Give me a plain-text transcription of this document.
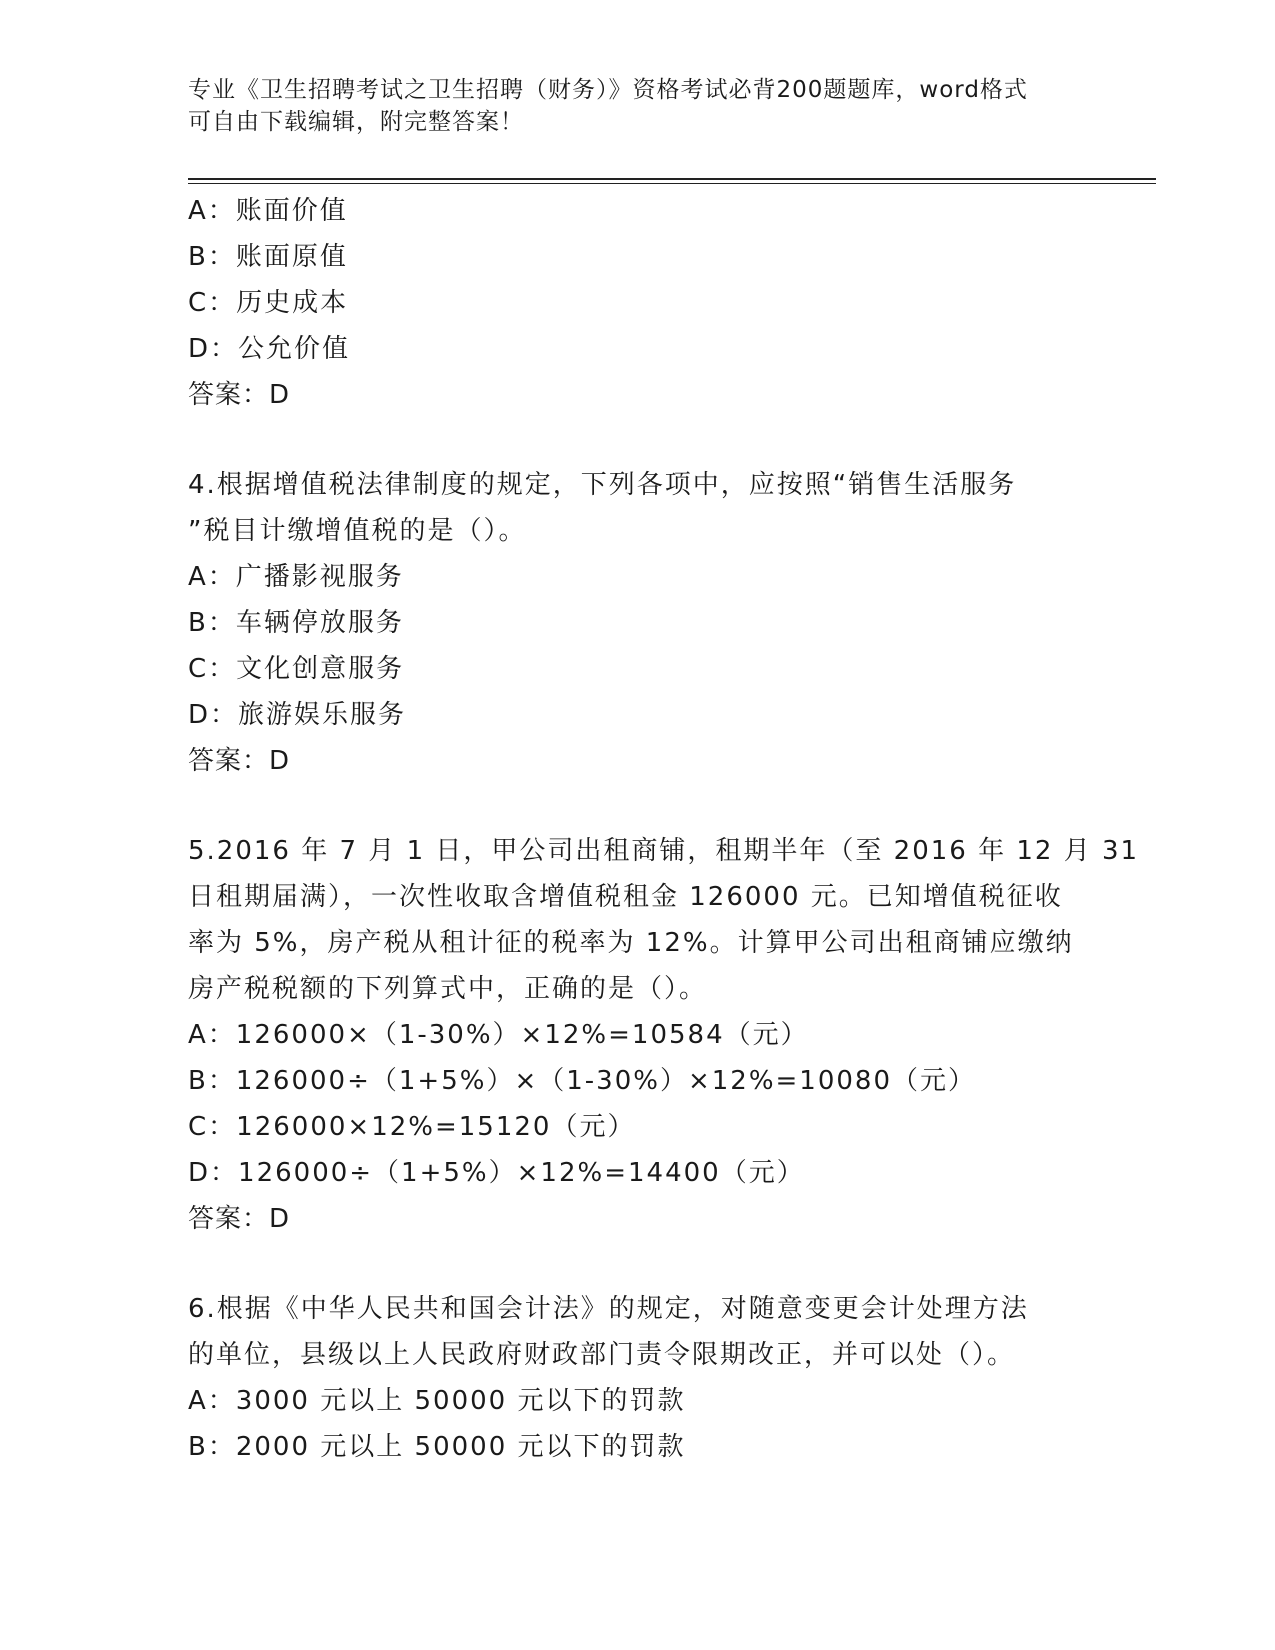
专业《卫生招聘考试之卫生招聘（财务）》资格考试必背200题题库，word格式
可自由下载编辑，附完整答案！
A：账面价值
B：账面原值
C：历史成本
D：公允价值
答案：D
4.根据增值税法律制度的规定，下列各项中，应按照“销售生活服务
”税目计缴增值税的是（）。
A：广播影视服务
B：车辆停放服务
C：文化创意服务
D：旅游娱乐服务
答案：D
5.2016 年 7 月 1 日，甲公司出租商铺，租期半年（至 2016 年 12 月 31
日租期届满），一次性收取含增值税租金 126000 元。已知增值税征收
率为 5%，房产税从租计征的税率为 12%。计算甲公司出租商铺应缴纳
房产税税额的下列算式中，正确的是（）。
A：126000×（1-30%）×12%=10584（元）
B：126000÷（1+5%）×（1-30%）×12%=10080（元）
C：126000×12%=15120（元）
D：126000÷（1+5%）×12%=14400（元）
答案：D
6.根据《中华人民共和国会计法》的规定，对随意变更会计处理方法
的单位，县级以上人民政府财政部门责令限期改正，并可以处（）。
A：3000 元以上 50000 元以下的罚款
B：2000 元以上 50000 元以下的罚款
